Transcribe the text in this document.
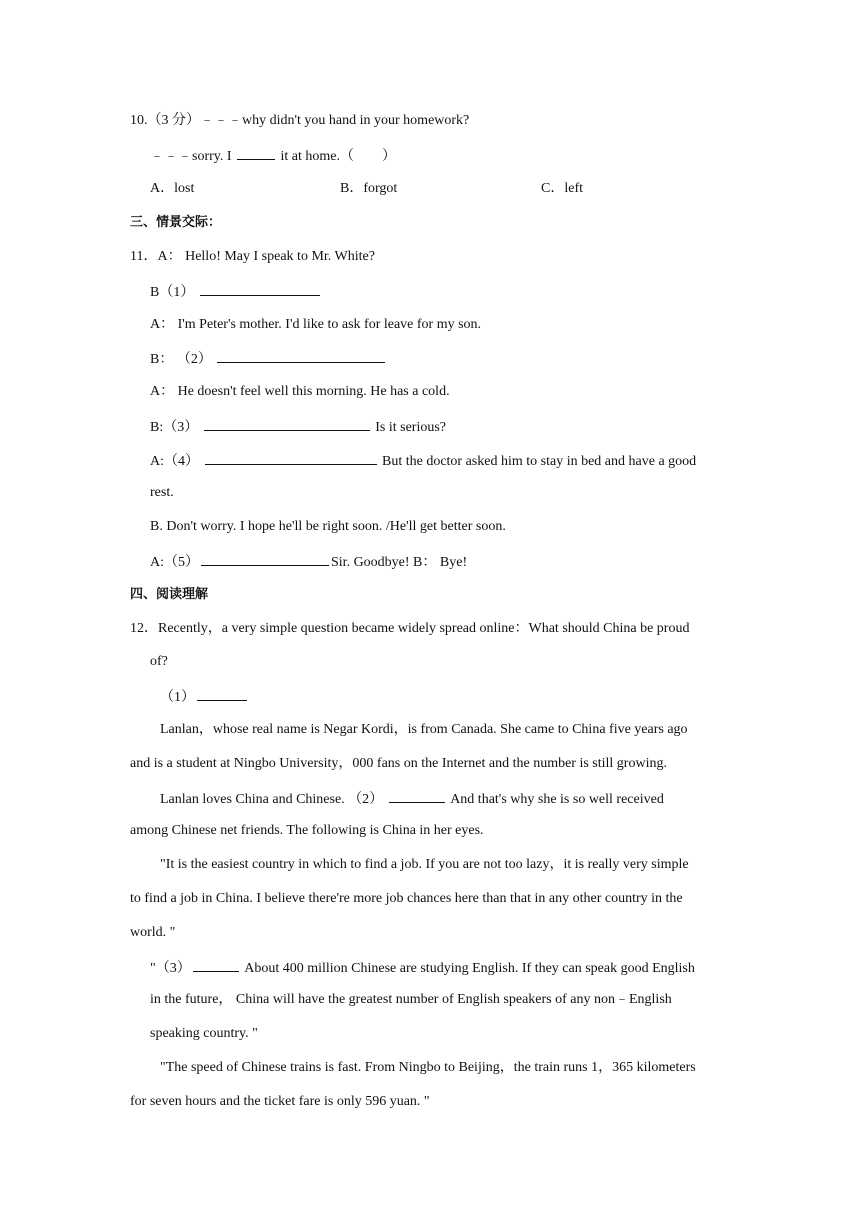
10.（3 分）﹣﹣﹣why didn't you hand in your homework?
﹣﹣﹣sorry. I	it at home.（ ）
A．lost	B．forgot	C．left
三、情景交际：
11．A： Hello! May I speak to Mr. White?
B（1）
A： I'm Peter's mother. I'd like to ask for leave for my son.
B： （2）
A： He doesn't feel well this morning. He has a cold.
B:（3）	Is it serious?
A:（4）	But the doctor asked him to stay in bed and have a good
rest.
B. Don't worry. I hope he'll be right soon. /He'll get better soon.
A:（5）	Sir. Goodbye! B： Bye!
四、阅读理解
12．Recently，a very simple question became widely spread online：What should China be proud
of?
（1）
Lanlan，whose real name is Negar Kordi，is from Canada. She came to China five years ago
and is a student at Ningbo University，000 fans on the Internet and the number is still growing.
Lanlan loves China and Chinese. （2）	And that's why she is so well received
among Chinese net friends. The following is China in her eyes.
"It is the easiest country in which to find a job. If you are not too lazy，it is really very simple
to find a job in China. I believe there're more job chances here than that in any other country in the
world. "
"（3）	About 400 million Chinese are studying English. If they can speak good English
in the future， China will have the greatest number of English speakers of any non﹣English
speaking country. "
"The speed of Chinese trains is fast. From Ningbo to Beijing，the train runs 1，365 kilometers
for seven hours and the ticket fare is only 596 yuan. "
